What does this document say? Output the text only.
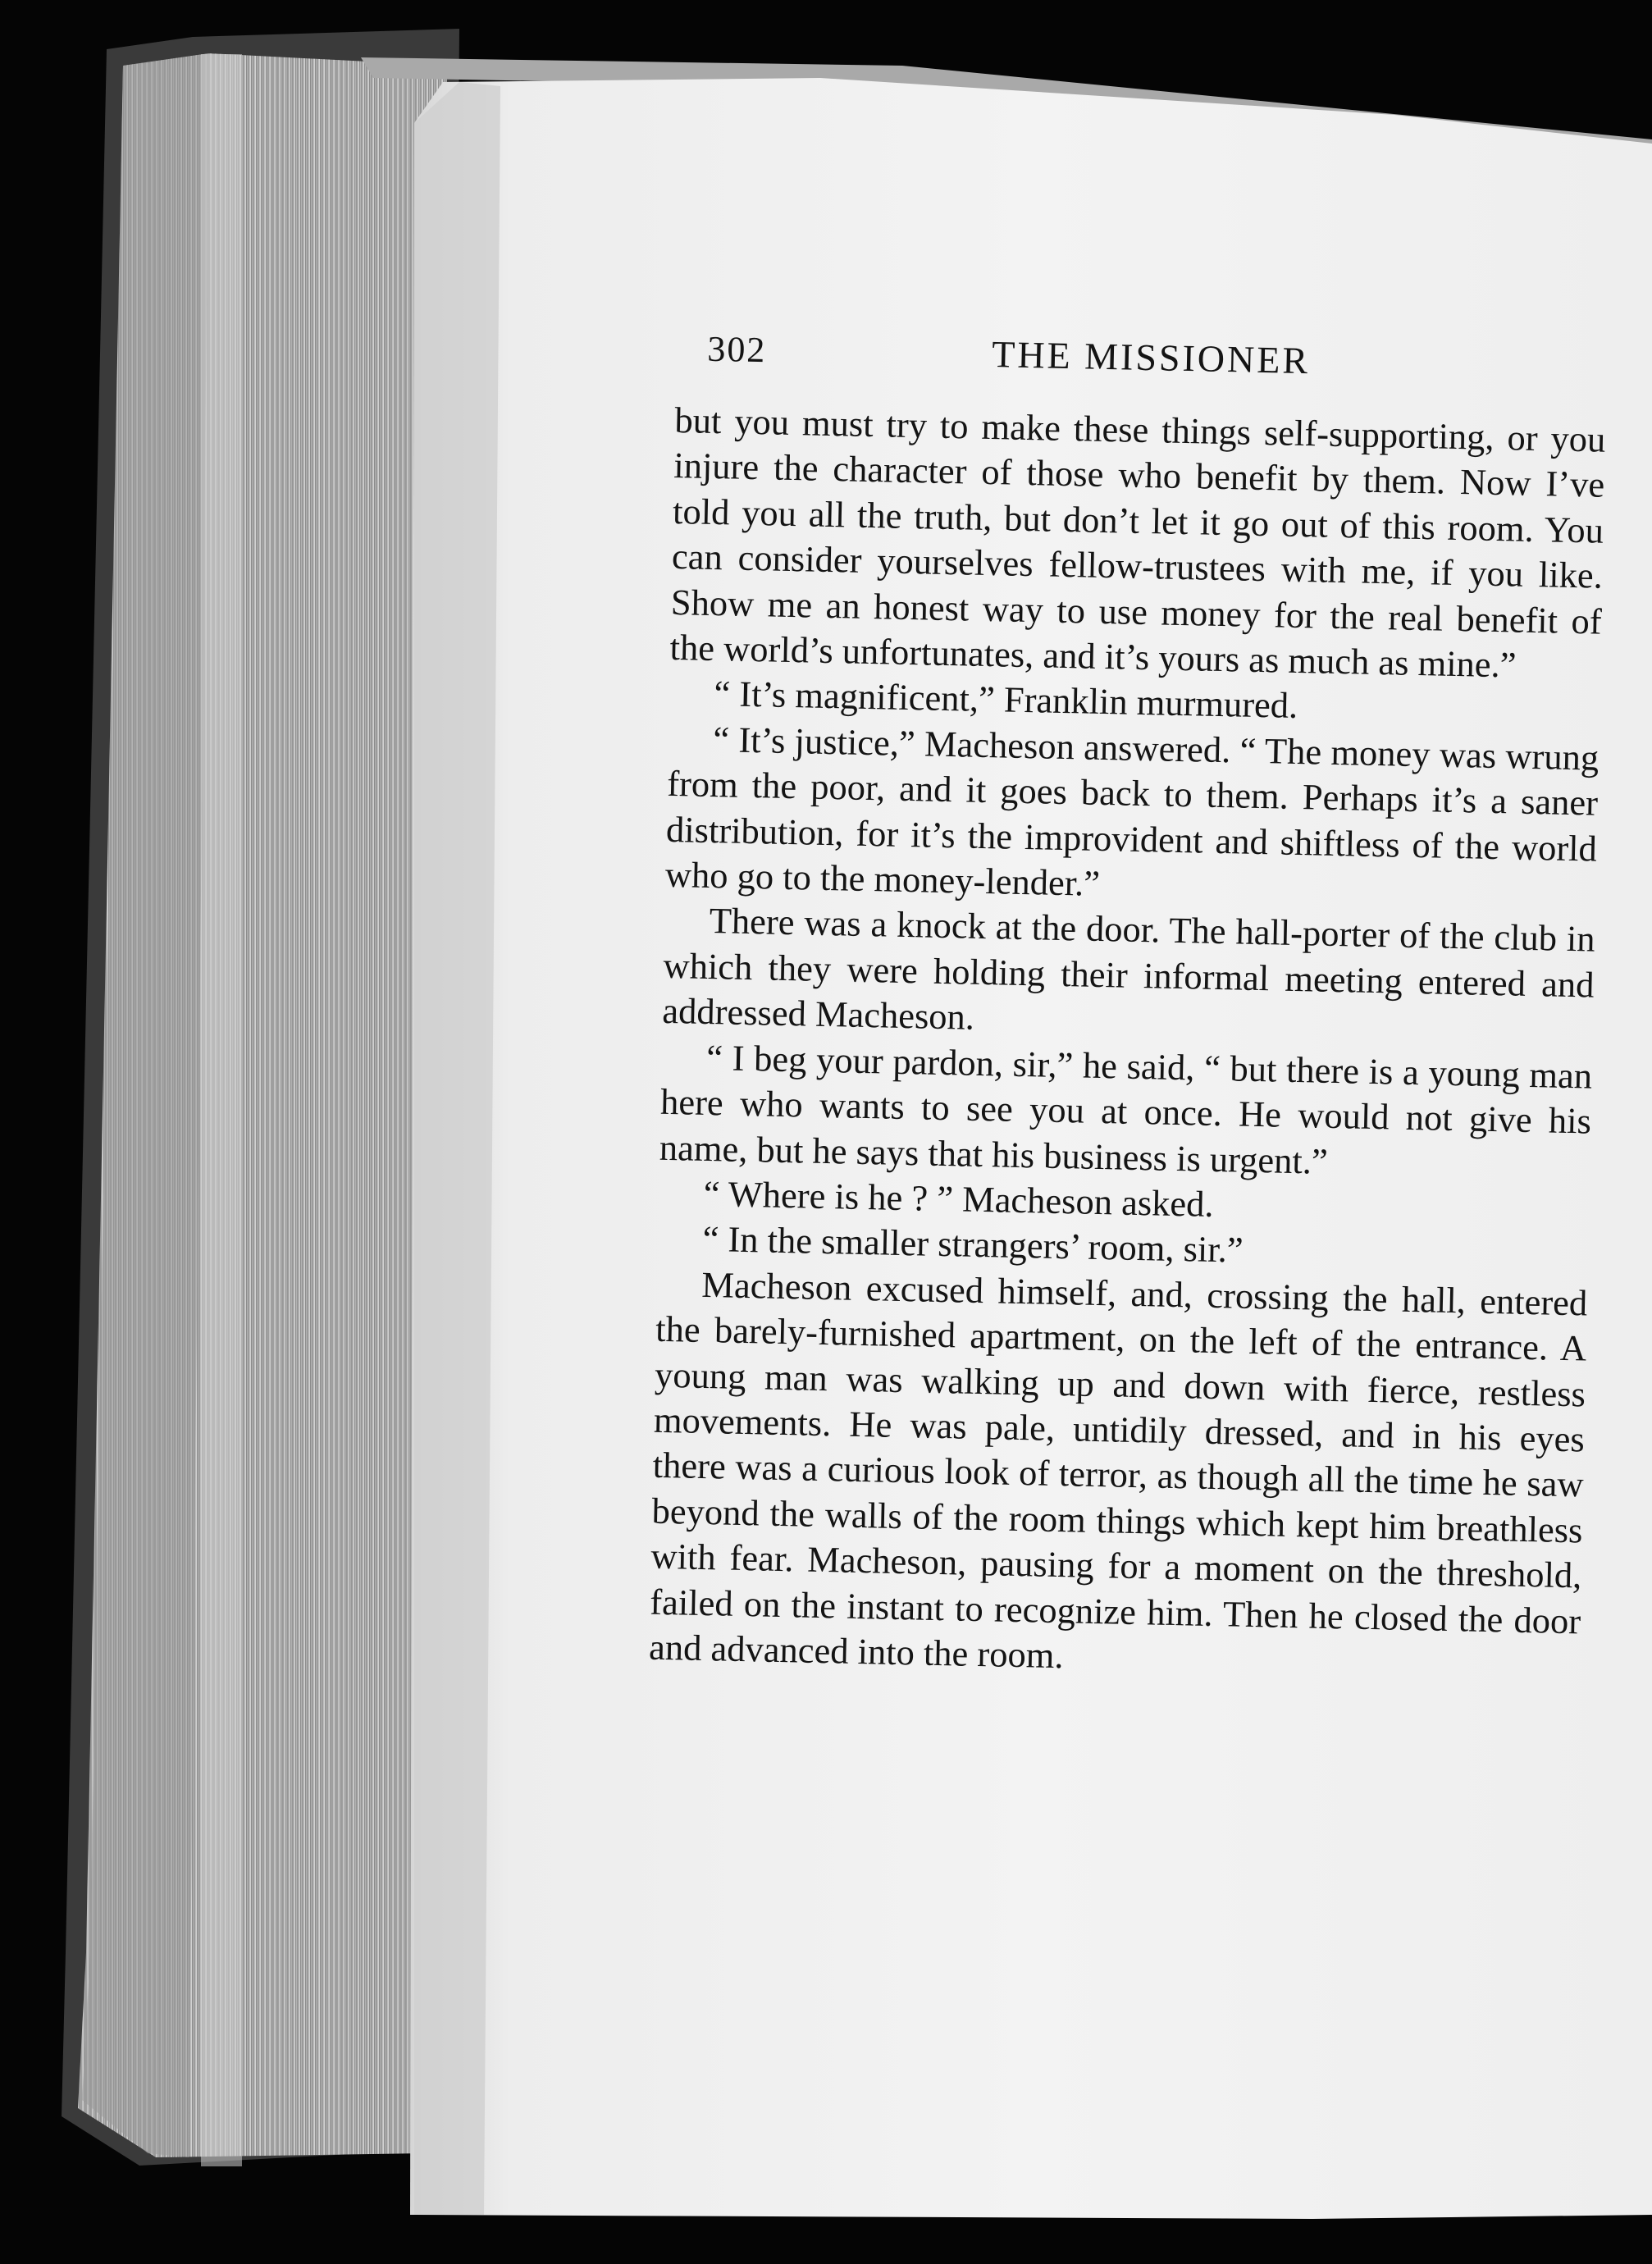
302	THE MISSIONER

but you must try to make these things self-supporting, or you injure the character of those who benefit by them. Now I’ve told you all the truth, but don’t let it go out of this room. You can consider yourselves fellow-trustees with me, if you like. Show me an honest way to use money for the real benefit of the world’s unfortunates, and it’s yours as much as mine.”

“ It’s magnificent,” Franklin murmured.

“ It’s justice,” Macheson answered. “ The money was wrung from the poor, and it goes back to them. Perhaps it’s a saner distribution, for it’s the improvident and shiftless of the world who go to the money-lender.”

There was a knock at the door. The hall-porter of the club in which they were holding their informal meeting entered and addressed Macheson.

“ I beg your pardon, sir,” he said, “ but there is a young man here who wants to see you at once. He would not give his name, but he says that his business is urgent.”

“ Where is he ? ” Macheson asked.

“ In the smaller strangers’ room, sir.”

Macheson excused himself, and, crossing the hall, entered the barely-furnished apartment, on the left of the entrance. A young man was walking up and down with fierce, restless movements. He was pale, untidily dressed, and in his eyes there was a curious look of terror, as though all the time he saw beyond the walls of the room things which kept him breathless with fear. Macheson, pausing for a moment on the threshold, failed on the instant to recognize him. Then he closed the door and advanced into the room.
